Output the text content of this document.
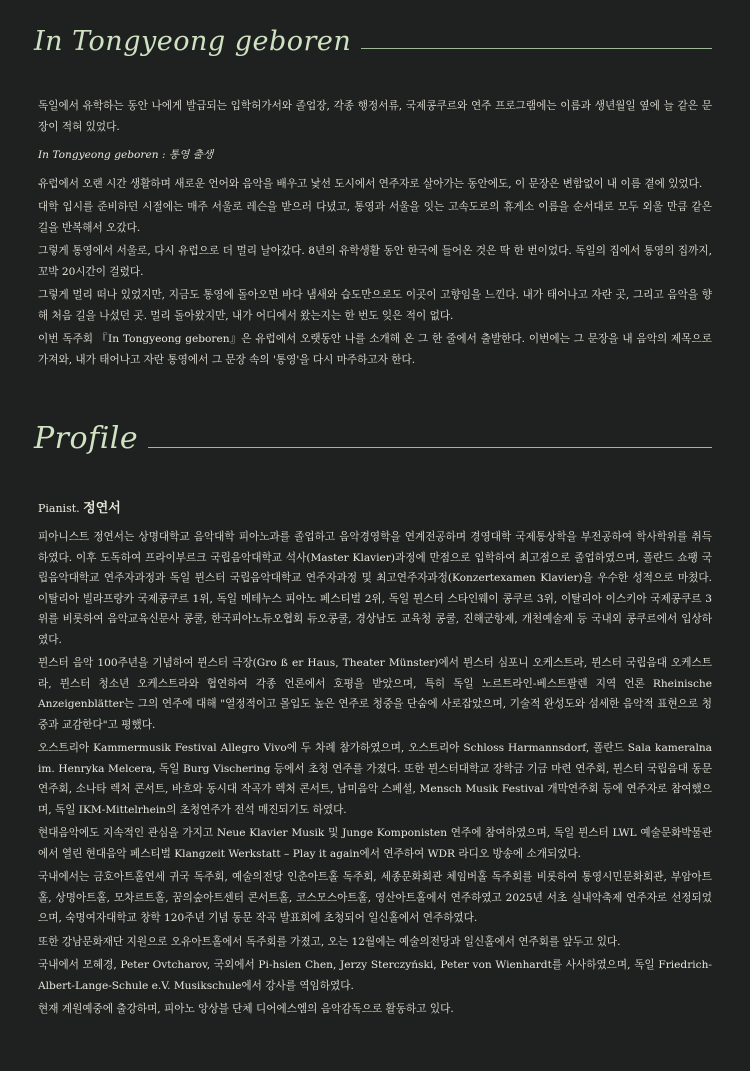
In Tongyeong geboren

독일에서 유학하는 동안 나에게 발급되는 입학허가서와 졸업장, 각종 행정서류, 국제콩쿠르와 연주 프로그램에는 이름과 생년월일 옆에 늘 같은 문장이 적혀 있었다.

In Tongyeong geboren : 통영 출생

유럽에서 오랜 시간 생활하며 새로운 언어와 음악을 배우고 낯선 도시에서 연주자로 살아가는 동안에도, 이 문장은 변함없이 내 이름 곁에 있었다.

대학 입시를 준비하던 시절에는 매주 서울로 레슨을 받으러 다녔고, 통영과 서울을 잇는 고속도로의 휴게소 이름을 순서대로 모두 외울 만큼 같은 길을 반복해서 오갔다.

그렇게 통영에서 서울로, 다시 유럽으로 더 멀리 날아갔다. 8년의 유학생활 동안 한국에 들어온 것은 딱 한 번이었다. 독일의 집에서 통영의 집까지, 꼬박 20시간이 걸렸다.

그렇게 멀리 떠나 있었지만, 지금도 통영에 돌아오면 바다 냄새와 습도만으로도 이곳이 고향임을 느낀다. 내가 태어나고 자란 곳, 그리고 음악을 향해 처음 길을 나섰던 곳. 멀리 돌아왔지만, 내가 어디에서 왔는지는 한 번도 잊은 적이 없다.

이번 독주회 『In Tongyeong geboren』은 유럽에서 오랫동안 나를 소개해 온 그 한 줄에서 출발한다. 이번에는 그 문장을 내 음악의 제목으로 가져와, 내가 태어나고 자란 통영에서 그 문장 속의 '통영'을 다시 마주하고자 한다.

Profile
Pianist. 정연서

피아니스트 정연서는 상명대학교 음악대학 피아노과를 졸업하고 음악경영학을 연계전공하며 경영대학 국제통상학을 부전공하여 학사학위를 취득하였다. 이후 도독하여 프라이부르크 국립음악대학교 석사(Master Klavier)과정에 만점으로 입학하여 최고점으로 졸업하였으며, 폴란드 쇼팽 국립음악대학교 연주자과정과 독일 뮌스터 국립음악대학교 연주자과정 및 최고연주자과정(Konzertexamen Klavier)을 우수한 성적으로 마쳤다. 이탈리아 빌라프랑카 국제콩쿠르 1위, 독일 메테누스 피아노 페스티벌 2위, 독일 뮌스터 스타인웨이 콩쿠르 3위, 이탈리아 이스키아 국제콩쿠르 3위를 비롯하여 음악교육신문사 콩쿨, 한국피아노듀오협회 듀오콩쿨, 경상남도 교육청 콩쿨, 진해군항제, 개천예술제 등 국내외 콩쿠르에서 입상하였다.

뮌스터 음악 100주년을 기념하여 뮌스터 극장(Gro ß er Haus, Theater Münster)에서 뮌스터 심포니 오케스트라, 뮌스터 국립음대 오케스트라, 뮌스터 청소년 오케스트라와 협연하여 각종 언론에서 호평을 받았으며, 특히 독일 노르트라인-베스트팔렌 지역 언론 Rheinische Anzeigenblätter는 그의 연주에 대해 "열정적이고 몰입도 높은 연주로 청중을 단숨에 사로잡았으며, 기술적 완성도와 섬세한 음악적 표현으로 청중과 교감한다"고 평했다.

오스트리아 Kammermusik Festival Allegro Vivo에 두 차례 참가하였으며, 오스트리아 Schloss Harmannsdorf, 폴란드 Sala kameralna im. Henryka Melcera, 독일 Burg Vischering 등에서 초청 연주를 가졌다. 또한 뮌스터대학교 장학금 기금 마련 연주회, 뮌스터 국립음대 동문연주회, 소나타 렉처 콘서트, 바흐와 동시대 작곡가 렉처 콘서트, 남미음악 스페셜, Mensch Musik Festival 개막연주회 등에 연주자로 참여했으며, 독일 IKM-Mittelrhein의 초청연주가 전석 매진되기도 하였다.

현대음악에도 지속적인 관심을 가지고 Neue Klavier Musik 및 Junge Komponisten 연주에 참여하였으며, 독일 뮌스터 LWL 예술문화박물관에서 열린 현대음악 페스티벌 Klangzeit Werkstatt – Play it again에서 연주하여 WDR 라디오 방송에 소개되었다.

국내에서는 금호아트홀연세 귀국 독주회, 예술의전당 인춘아트홀 독주회, 세종문화회관 체임버홀 독주회를 비롯하여 통영시민문화회관, 부암아트홀, 상명아트홀, 모차르트홀, 꿈의숲아트센터 콘서트홀, 코스모스아트홀, 영산아트홀에서 연주하였고 2025년 서초 실내악축제 연주자로 선정되었으며, 숙명여자대학교 창학 120주년 기념 동문 작곡 발표회에 초청되어 일신홀에서 연주하였다.

또한 강남문화재단 지원으로 오유아트홀에서 독주회를 가졌고, 오는 12월에는 예술의전당과 일신홀에서 연주회를 앞두고 있다.

국내에서 모혜경, Peter Ovtcharov, 국외에서 Pi-hsien Chen, Jerzy Sterczyński, Peter von Wienhardt를 사사하였으며, 독일 Friedrich-Albert-Lange-Schule e.V. Musikschule에서 강사를 역임하였다.

현재 계원예중에 출강하며, 피아노 앙상블 단체 디어에스엠의 음악감독으로 활동하고 있다.
